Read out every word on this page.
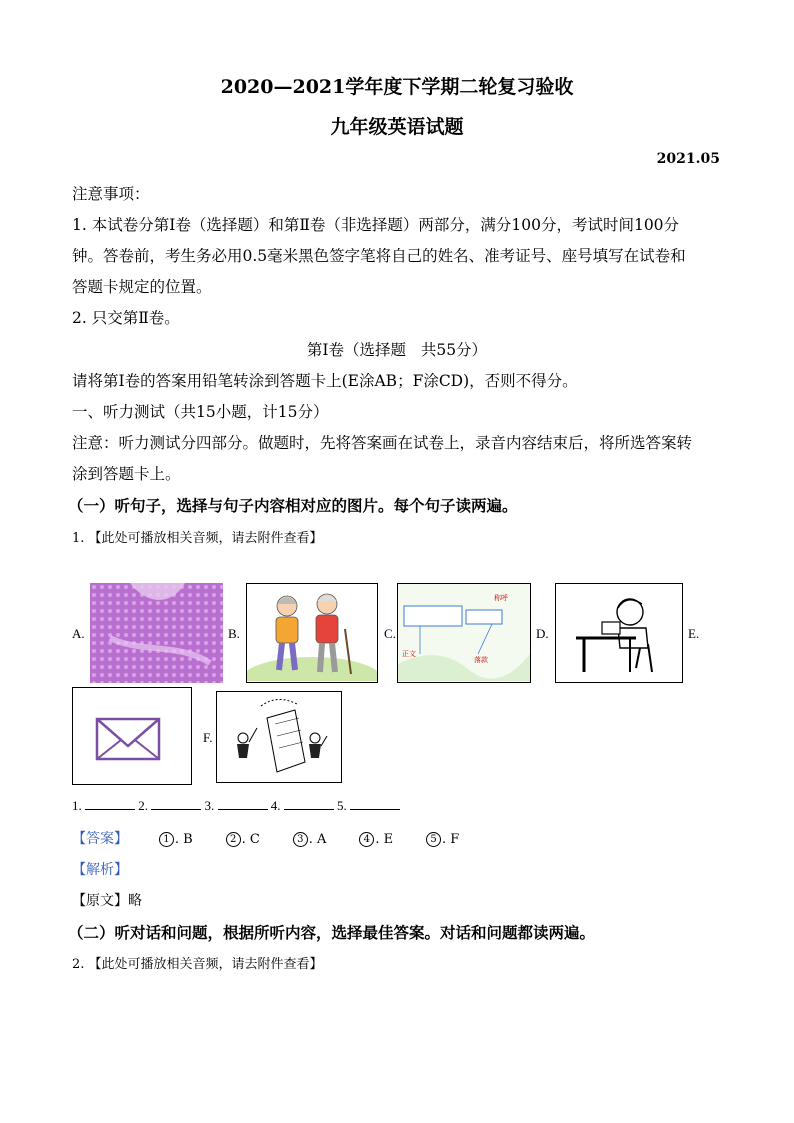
2020—2021学年度下学期二轮复习验收
九年级英语试题
2021.05
注意事项：
1. 本试卷分第Ⅰ卷（选择题）和第Ⅱ卷（非选择题）两部分，满分100分，考试时间100分
钟。答卷前，考生务必用0.5毫米黑色签字笔将自己的姓名、准考证号、座号填写在试卷和
答题卡规定的位置。
2. 只交第Ⅱ卷。
第Ⅰ卷（选择题   共55分）
请将第Ⅰ卷的答案用铅笔转涂到答题卡上(E涂AB；F涂CD)，否则不得分。
一、听力测试（共15小题，计15分）
注意：听力测试分四部分。做题时，先将答案画在试卷上，录音内容结束后，将所选答案转
涂到答题卡上。
（一）听句子，选择与句子内容相对应的图片。每个句子读两遍。
1. 【此处可播放相关音频，请去附件查看】
A.	B.	C.	D.	E.
F.
称呼
正文
落款
1.	2.	3.	4.	5.
【答案】	1 . B	2 . C	3 . A	4 . E	5 . F
【解析】
【原文】略
（二）听对话和问题，根据所听内容，选择最佳答案。对话和问题都读两遍。
2. 【此处可播放相关音频，请去附件查看】
